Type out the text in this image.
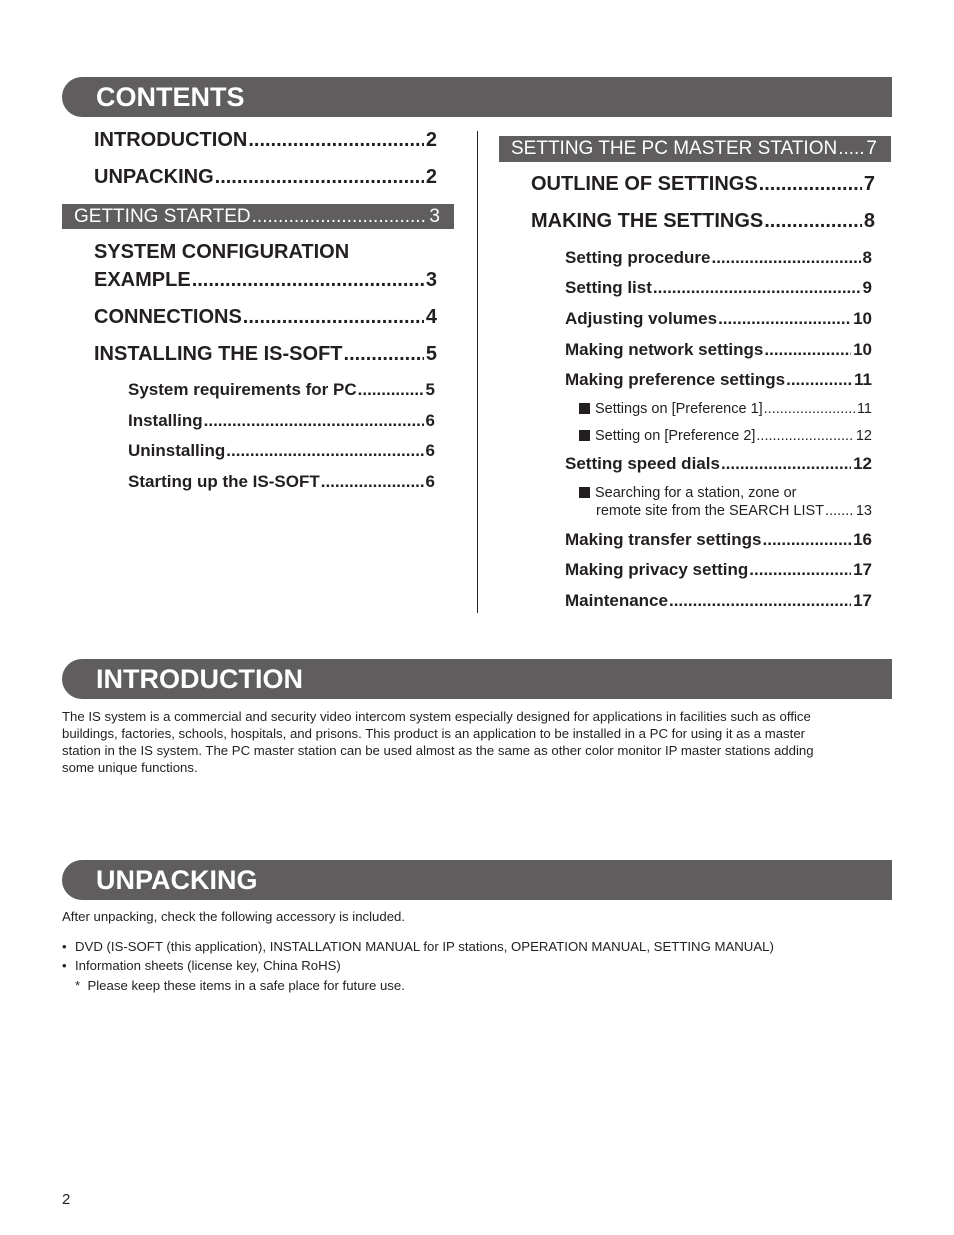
CONTENTS
INTRODUCTION .....	2
UNPACKING .....	2
GETTING STARTED .....	3
SYSTEM CONFIGURATION
EXAMPLE .....	3
CONNECTIONS .....	4
INSTALLING THE IS-SOFT .....	5
System requirements for PC .....	5
Installing .....	6
Uninstalling .....	6
Starting up the IS-SOFT .....	6
SETTING THE PC MASTER STATION ..... 7
OUTLINE OF SETTINGS .....	7
MAKING THE SETTINGS .....	8
Setting procedure .....	8
Setting list .....	9
Adjusting volumes .....	10
Making network settings .....	10
Making preference settings .....	11
Settings on [Preference 1] .....	11
Setting on [Preference 2] .....	12
Setting speed dials .....	12
Searching for a station, zone or
remote site from the SEARCH LIST ..... 13
Making transfer settings .....	16
Making privacy setting .....	17
Maintenance .....	17
INTRODUCTION
The IS system is a commercial and security video intercom system especially designed for applications in facilities such as office
buildings, factories, schools, hospitals, and prisons. This product is an application to be installed in a PC for using it as a master
station in the IS system. The PC master station can be used almost as the same as other color monitor IP master stations adding
some unique functions.
UNPACKING
After unpacking, check the following accessory is included.
• DVD (IS-SOFT (this application), INSTALLATION MANUAL for IP stations, OPERATION MANUAL, SETTING MANUAL)
• Information sheets (license key, China RoHS)
*  Please keep these items in a safe place for future use.
2
